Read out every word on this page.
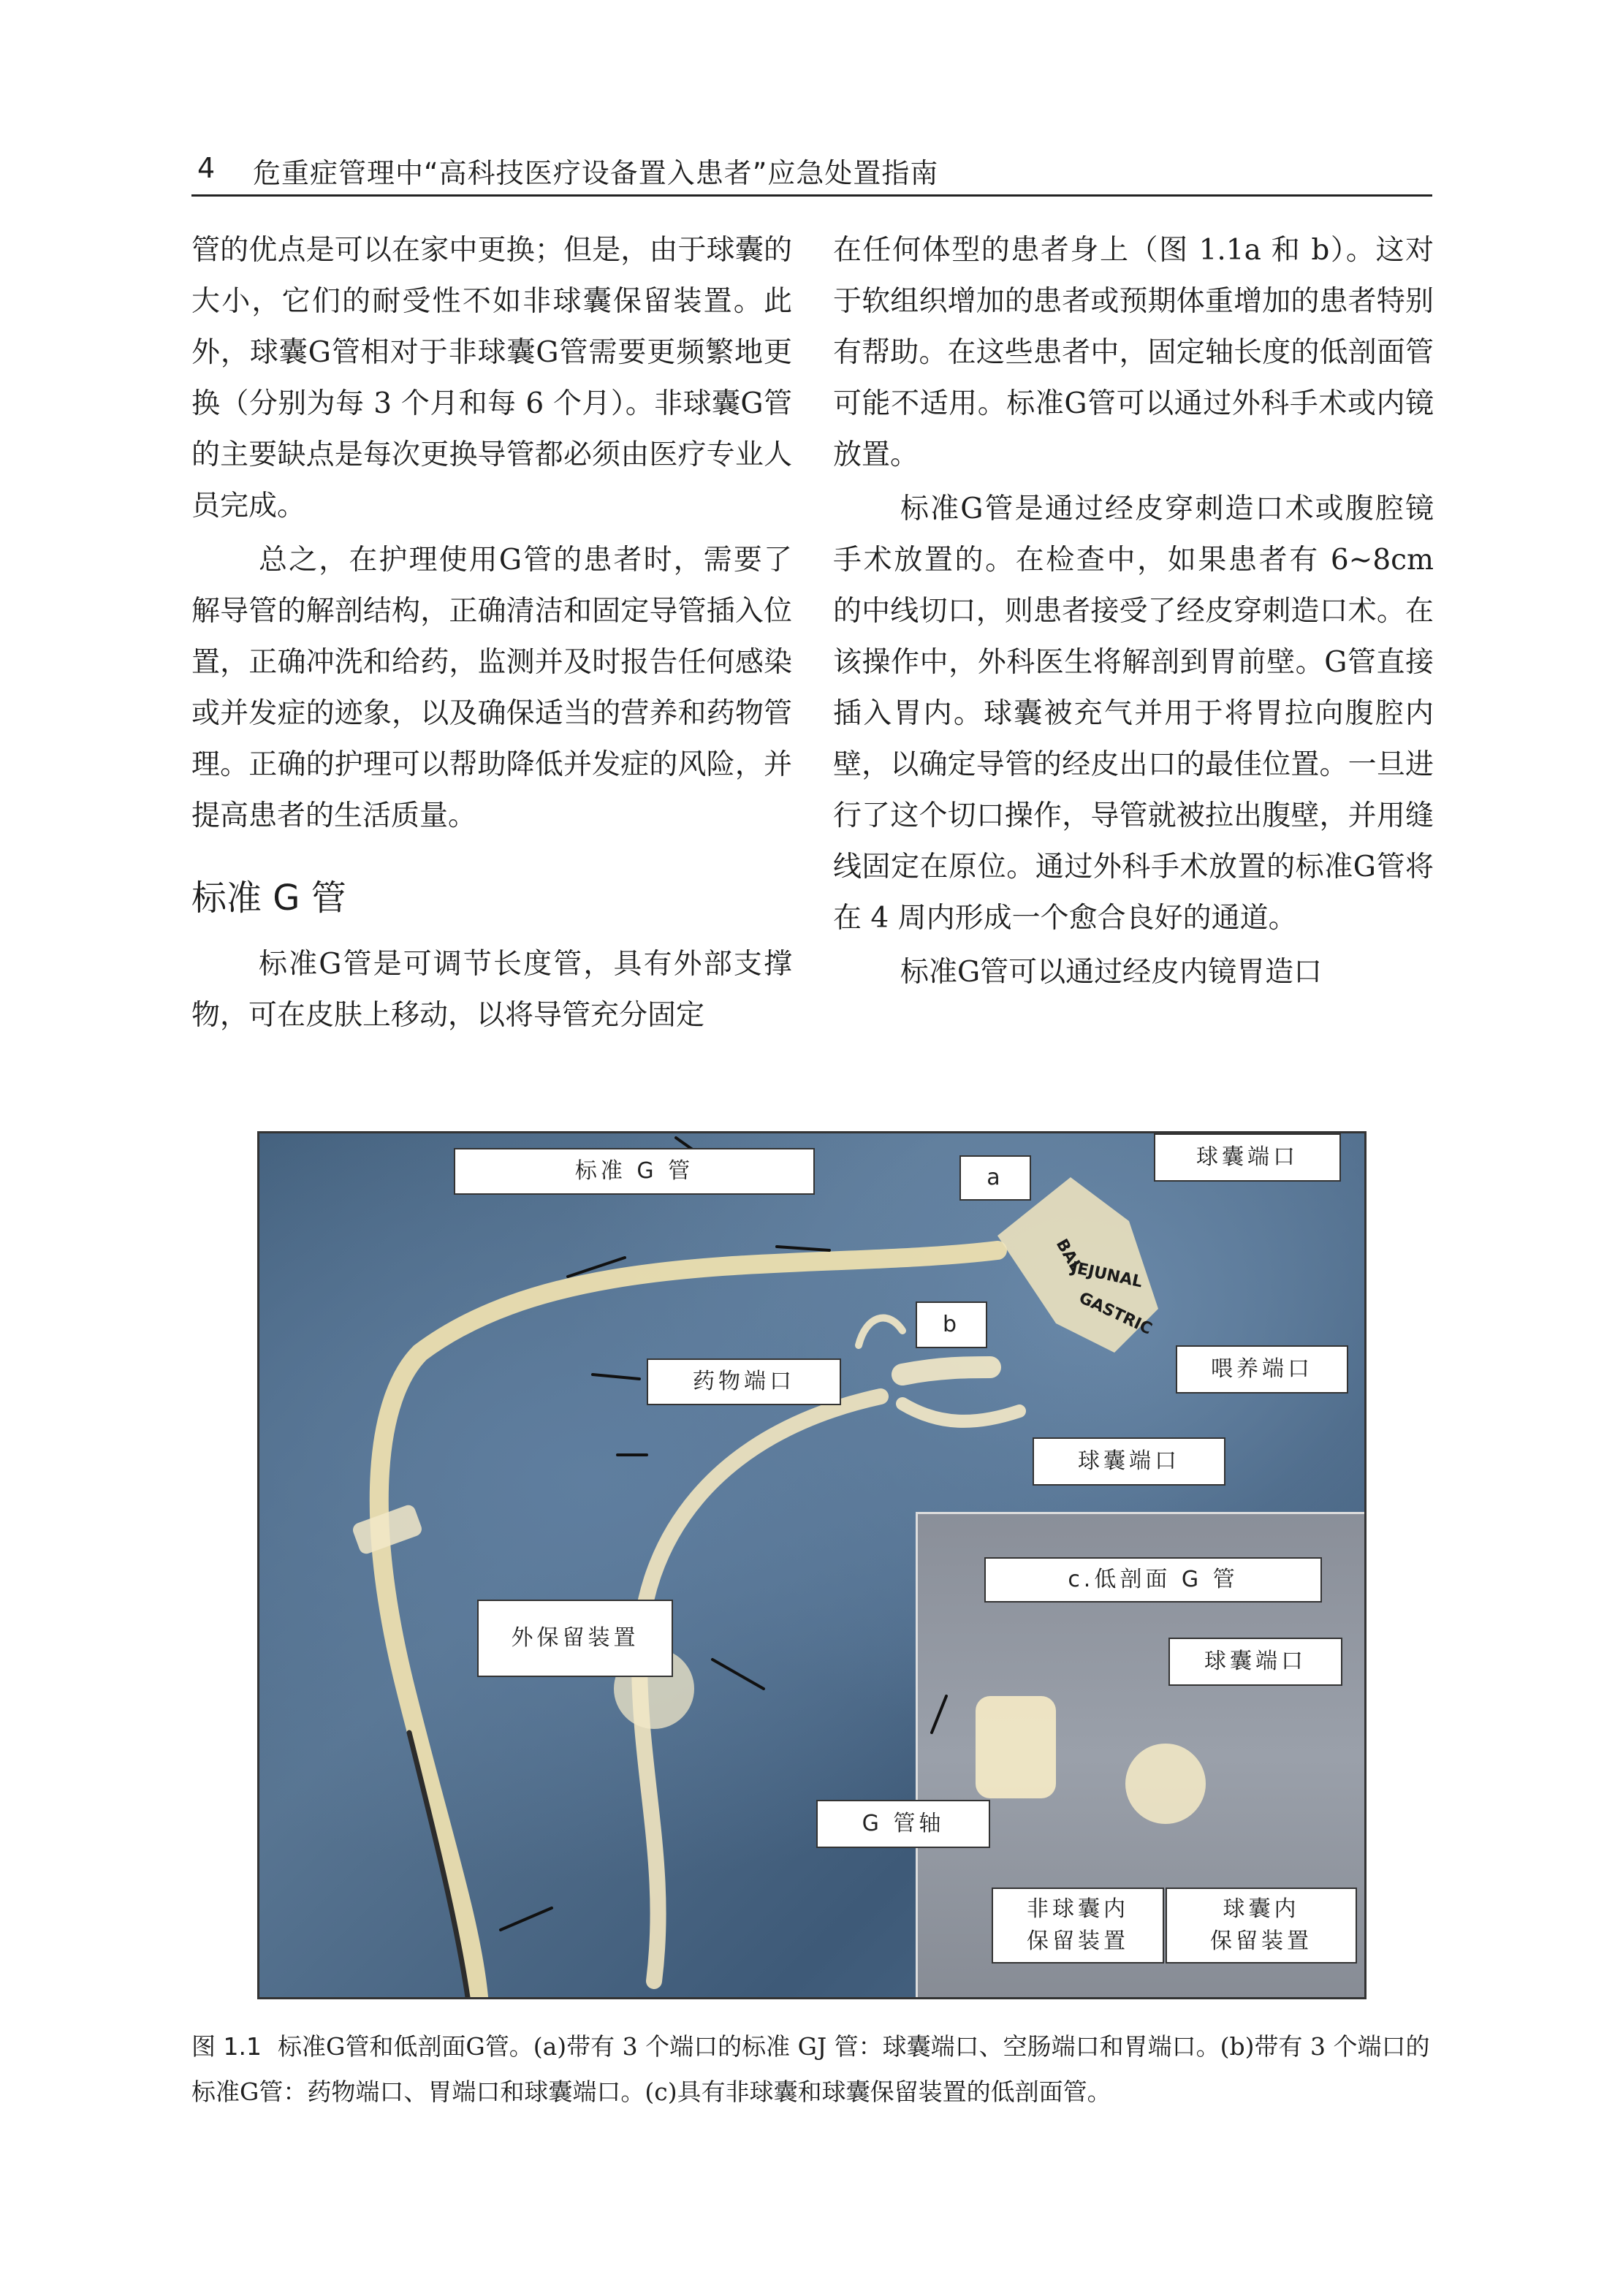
4 危重症管理中“高科技医疗设备置入患者”应急处置指南

管的优点是可以在家中更换；但是，由于球囊的大小，它们的耐受性不如非球囊保留装置。此外，球囊G管相对于非球囊G管需要更频繁地更换（分别为每 3 个月和每 6 个月）。非球囊G管的主要缺点是每次更换导管都必须由医疗专业人员完成。

总之，在护理使用G管的患者时，需要了解导管的解剖结构，正确清洁和固定导管插入位置，正确冲洗和给药，监测并及时报告任何感染或并发症的迹象，以及确保适当的营养和药物管理。正确的护理可以帮助降低并发症的风险，并提高患者的生活质量。

标准 G 管

标准G管是可调节长度管，具有外部支撑物，可在皮肤上移动，以将导管充分固定

在任何体型的患者身上（图 1.1a 和 b）。这对于软组织增加的患者或预期体重增加的患者特别有帮助。在这些患者中，固定轴长度的低剖面管可能不适用。标准G管可以通过外科手术或内镜放置。

标准G管是通过经皮穿刺造口术或腹腔镜手术放置的。在检查中，如果患者有 6~8cm 的中线切口，则患者接受了经皮穿刺造口术。在该操作中，外科医生将解剖到胃前壁。G管直接插入胃内。球囊被充气并用于将胃拉向腹腔内壁，以确定导管的经皮出口的最佳位置。一旦进行了这个切口操作，导管就被拉出腹壁，并用缝线固定在原位。通过外科手术放置的标准G管将在 4 周内形成一个愈合良好的通道。

标准G管可以通过经皮内镜胃造口

BAL
JEJUNAL
GASTRIC
标准 G 管	a
球囊端口
b
喂养端口
药物端口
球囊端口
外保留装置
c.低剖面 G 管
球囊端口
G 管轴
非球囊内
保留装置
球囊内
保留装置
图 1.1 标准G管和低剖面G管。(a)带有 3 个端口的标准 GJ 管：球囊端口、空肠端口和胃端口。(b)带有 3 个端口的标准G管：药物端口、胃端口和球囊端口。(c)具有非球囊和球囊保留装置的低剖面管。
